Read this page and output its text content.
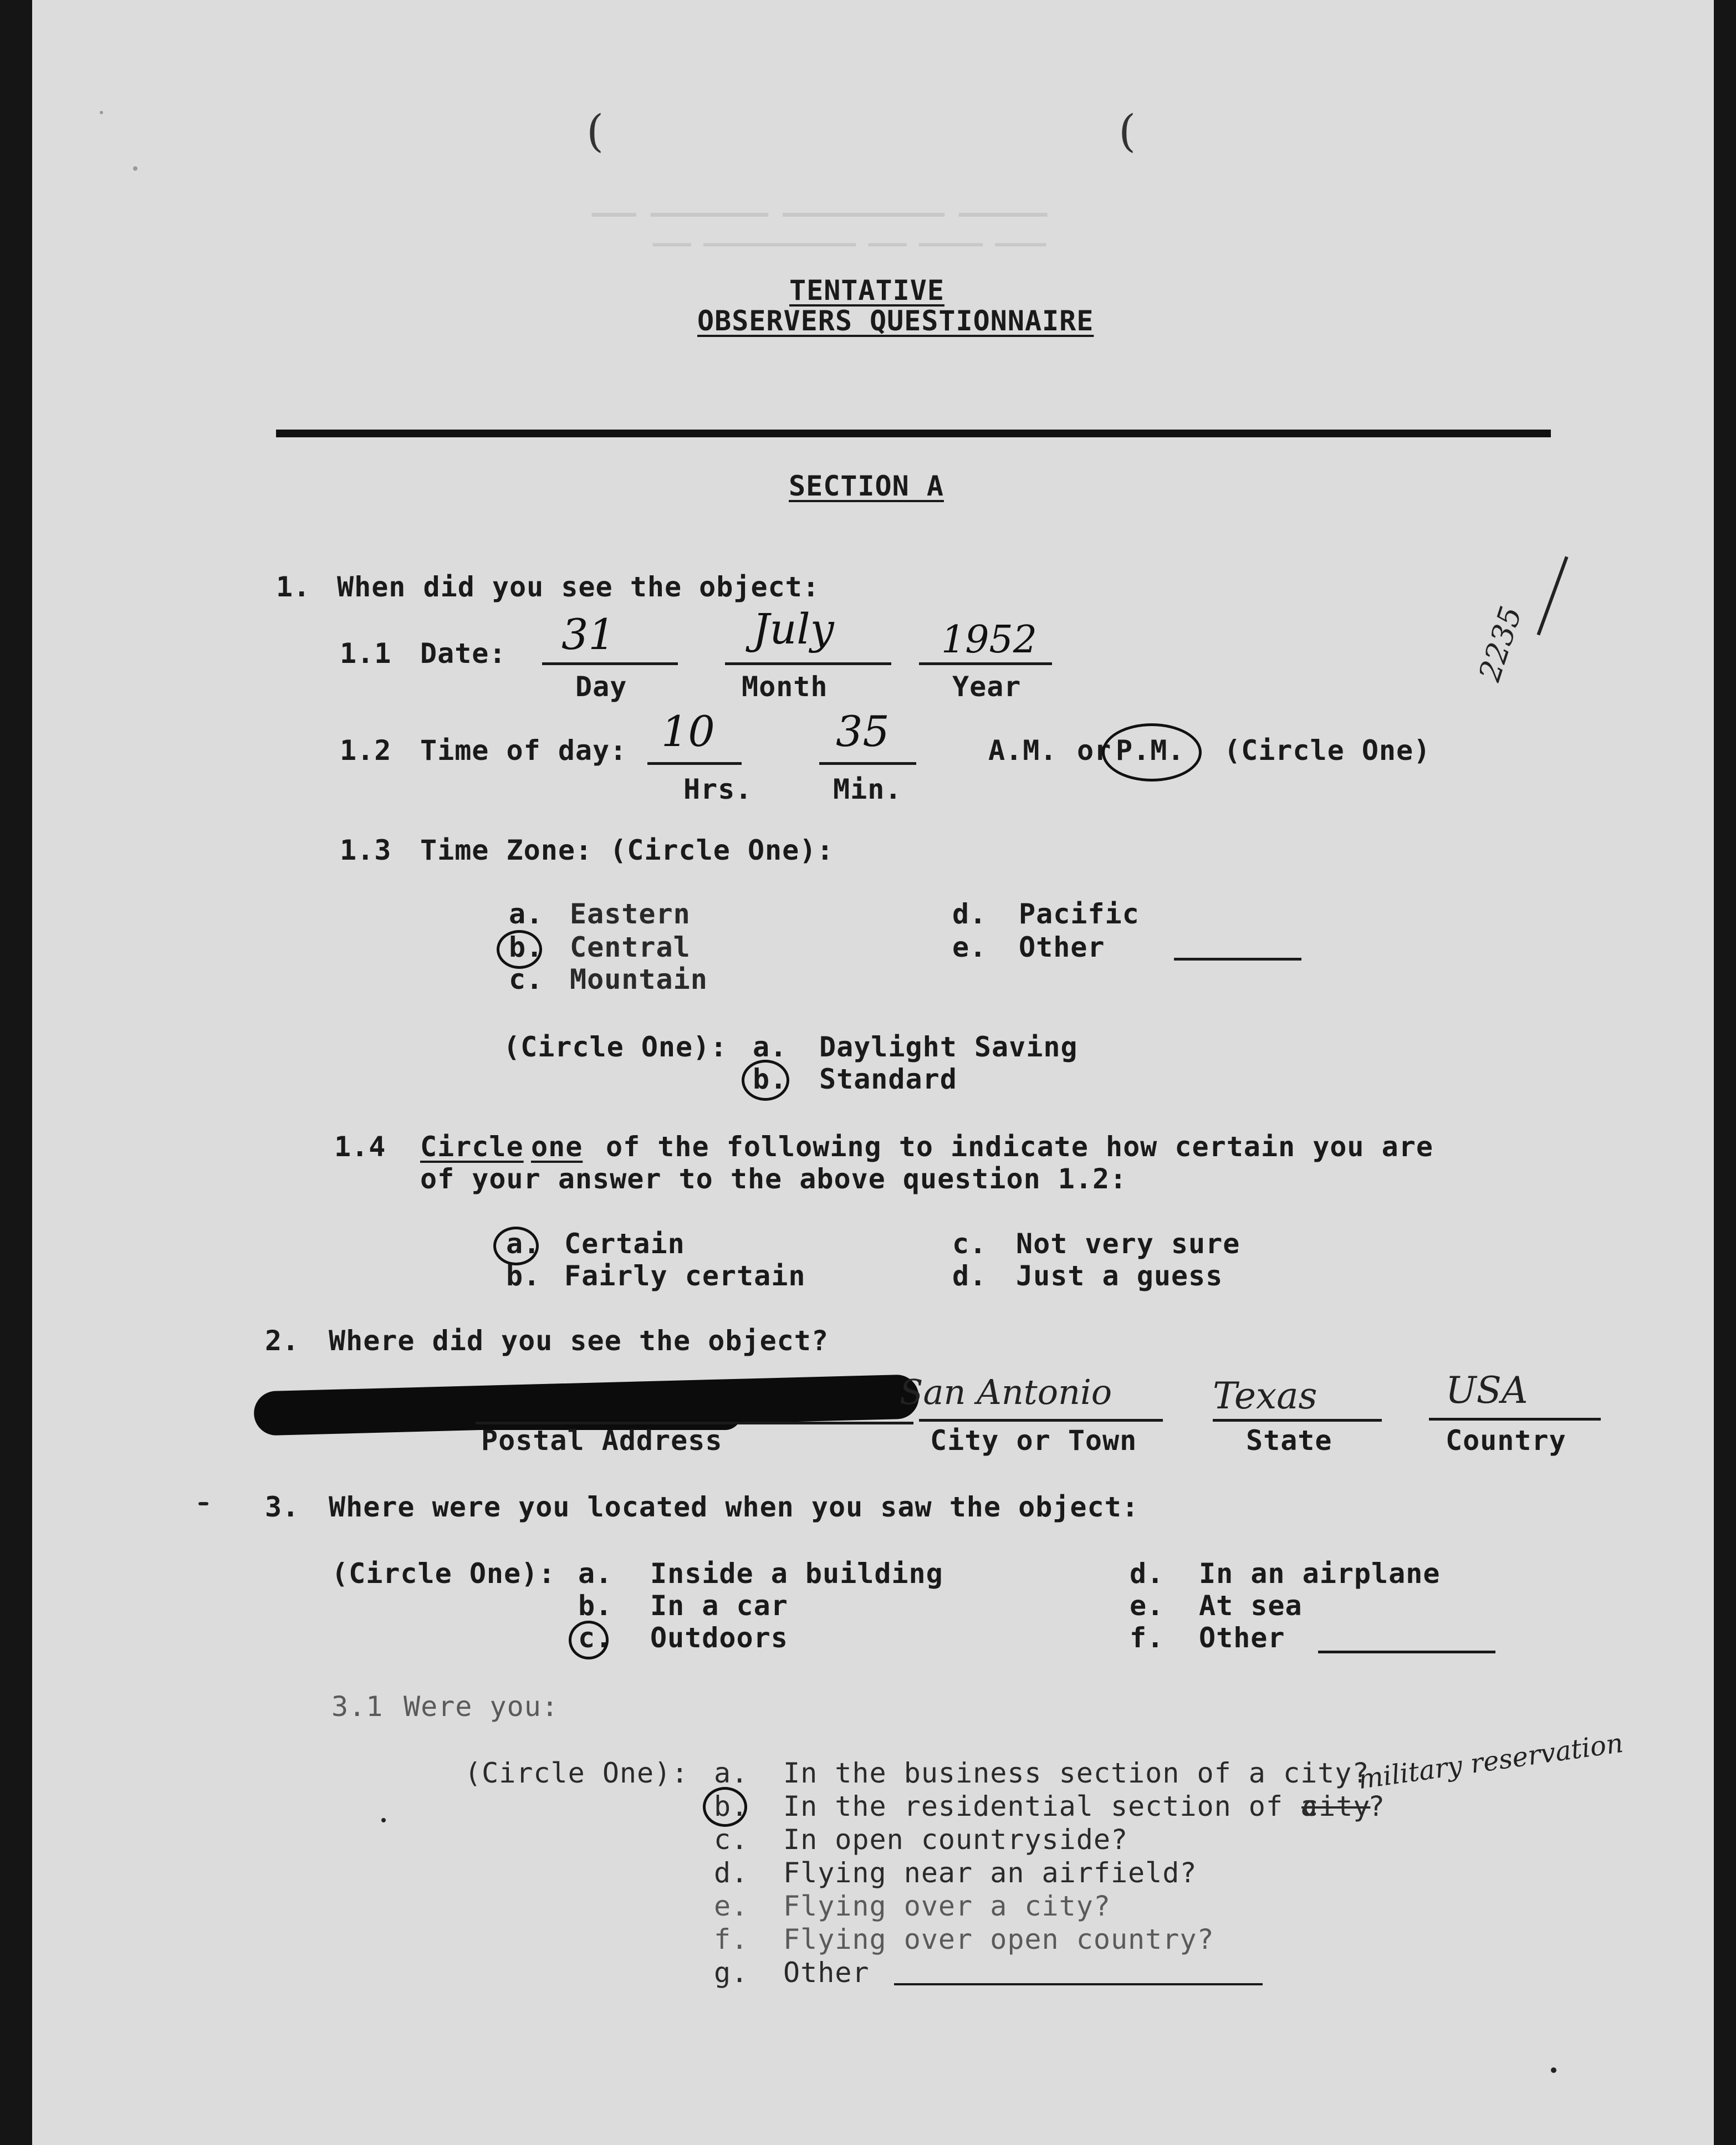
▁▁▁ ▁▁▁▁▁▁▁▁ ▁▁▁▁▁▁▁▁▁▁▁ ▁▁▁▁▁▁
▁▁▁ ▁▁▁▁▁▁▁▁▁▁▁▁ ▁▁▁ ▁▁▁▁▁ ▁▁▁▁
(	(
TENTATIVE
OBSERVERS QUESTIONNAIRE
SECTION A
1. When did you see the object:
1.1 Date: 31
Day
July
Month
1952
Year
2235
1.2 Time of day: 10
Hrs.
35
Min.
A.M. or P.M. (Circle One)
1.3 Time Zone: (Circle One):
a. Eastern
b. Central
c. Mountain
d. Pacific
e. Other
(Circle One): a. Daylight Saving
b. Standard
1.4 Circle one of the following to indicate how certain you are
of your answer to the above question 1.2:
a. Certain
b. Fairly certain
c. Not very sure
d. Just a guess
2. Where did you see the object?
Postal Address
San Antonio
City or Town
Texas
State
USA
Country
3. Where were you located when you saw the object:
(Circle One): a. Inside a building
b. In a car
c. Outdoors
d. In an airplane
e. At sea
f. Other
3.1 Were you:
(Circle One): a. In the business section of a city?
military reservation
b. In the residential section of a
city
?
c. In open countryside?
d. Flying near an airfield?
e. Flying over a city?
f. Flying over open country?
g. Other
